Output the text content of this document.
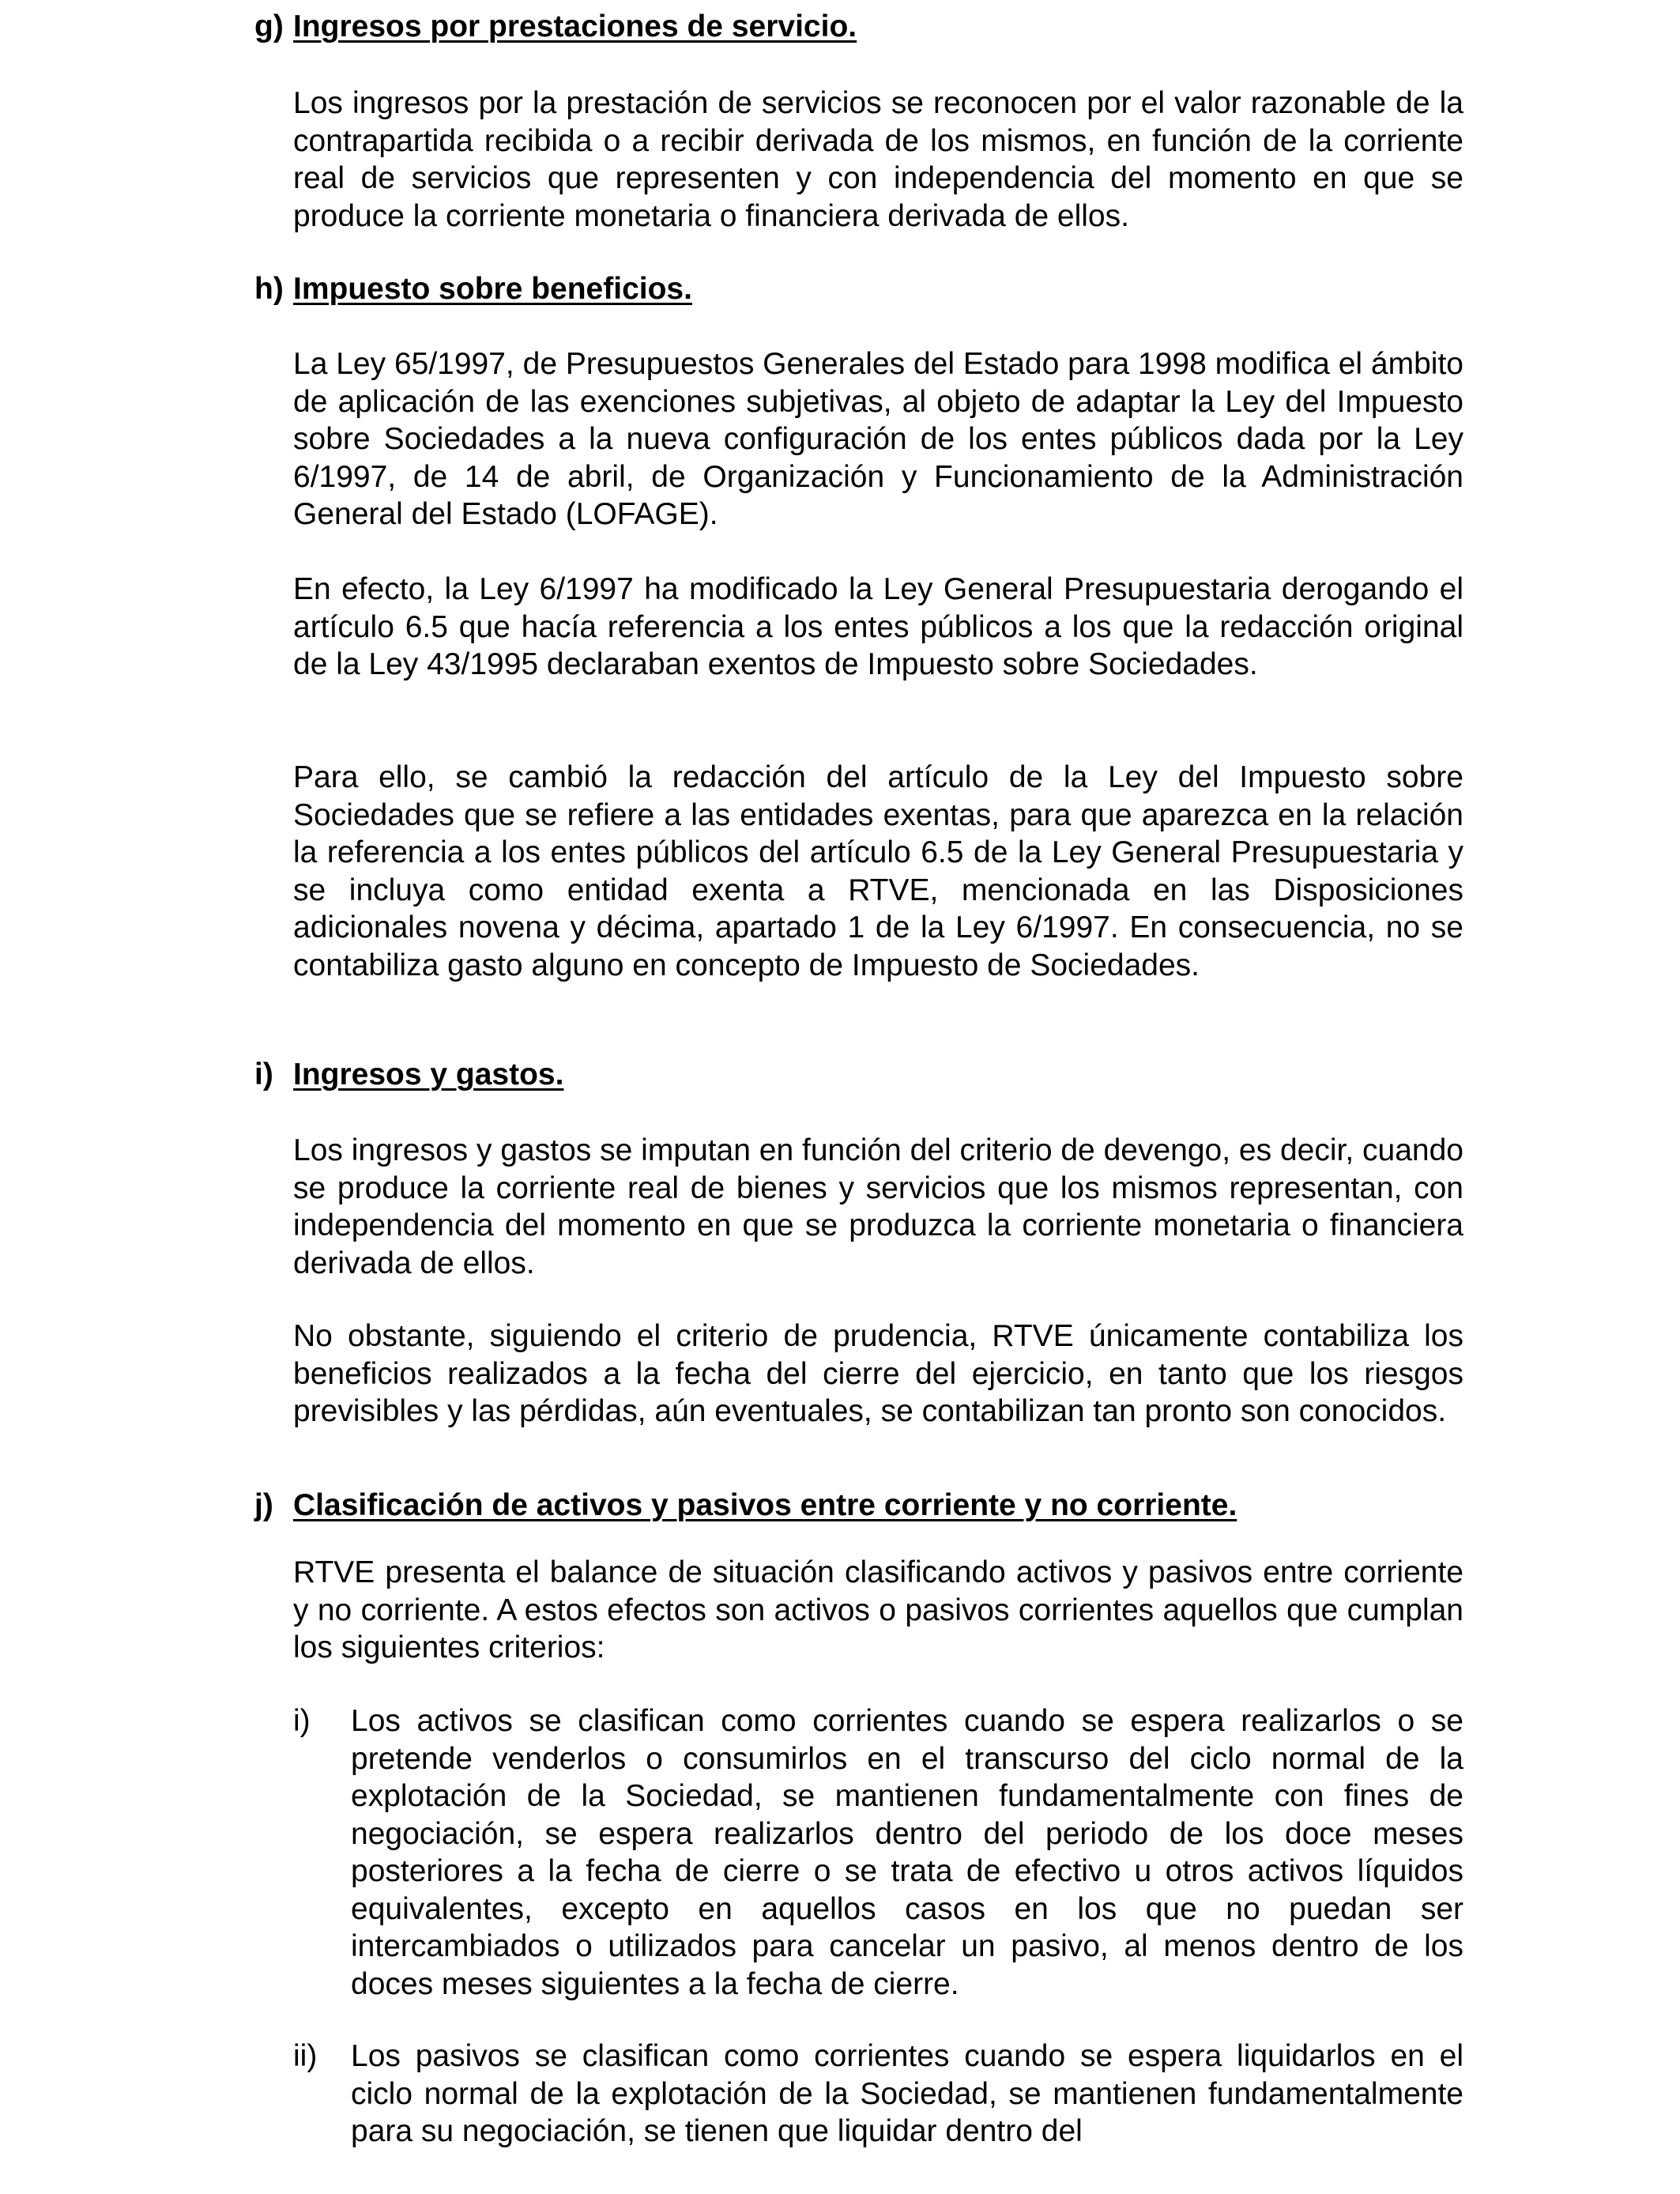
g) Ingresos por prestaciones de servicio.

Los ingresos por la prestación de servicios se reconocen por el valor razonable de la contrapartida recibida o a recibir derivada de los mismos, en función de la corriente real de servicios que representen y con independencia del momento en que se produce la corriente monetaria o financiera derivada de ellos.

h) Impuesto sobre beneficios.

La Ley 65/1997, de Presupuestos Generales del Estado para 1998 modifica el ámbito de aplicación de las exenciones subjetivas, al objeto de adaptar la Ley del Impuesto sobre Sociedades a la nueva configuración de los entes públicos dada por la Ley 6/1997, de 14 de abril, de Organización y Funcionamiento de la Administración General del Estado (LOFAGE).

En efecto, la Ley 6/1997 ha modificado la Ley General Presupuestaria derogando el artículo 6.5 que hacía referencia a los entes públicos a los que la redacción original de la Ley 43/1995 declaraban exentos de Impuesto sobre Sociedades.

Para ello, se cambió la redacción del artículo de la Ley del Impuesto sobre Sociedades que se refiere a las entidades exentas, para que aparezca en la relación la referencia a los entes públicos del artículo 6.5 de la Ley General Presupuestaria y se incluya como entidad exenta a RTVE, mencionada en las Disposiciones adicionales novena y décima, apartado 1 de la Ley 6/1997. En consecuencia, no se contabiliza gasto alguno en concepto de Impuesto de Sociedades.

i) Ingresos y gastos.

Los ingresos y gastos se imputan en función del criterio de devengo, es decir, cuando se produce la corriente real de bienes y servicios que los mismos representan, con independencia del momento en que se produzca la corriente monetaria o financiera derivada de ellos.

No obstante, siguiendo el criterio de prudencia, RTVE únicamente contabiliza los beneficios realizados a la fecha del cierre del ejercicio, en tanto que los riesgos previsibles y las pérdidas, aún eventuales, se contabilizan tan pronto son conocidos.

j) Clasificación de activos y pasivos entre corriente y no corriente.

RTVE presenta el balance de situación clasificando activos y pasivos entre corriente y no corriente. A estos efectos son activos o pasivos corrientes aquellos que cumplan los siguientes criterios:

i) Los activos se clasifican como corrientes cuando se espera realizarlos o se pretende venderlos o consumirlos en el transcurso del ciclo normal de la explotación de la Sociedad, se mantienen fundamentalmente con fines de negociación, se espera realizarlos dentro del periodo de los doce meses posteriores a la fecha de cierre o se trata de efectivo u otros activos líquidos equivalentes, excepto en aquellos casos en los que no puedan ser intercambiados o utilizados para cancelar un pasivo, al menos dentro de los doces meses siguientes a la fecha de cierre.

ii) Los pasivos se clasifican como corrientes cuando se espera liquidarlos en el ciclo normal de la explotación de la Sociedad, se mantienen fundamentalmente para su negociación, se tienen que liquidar dentro del
